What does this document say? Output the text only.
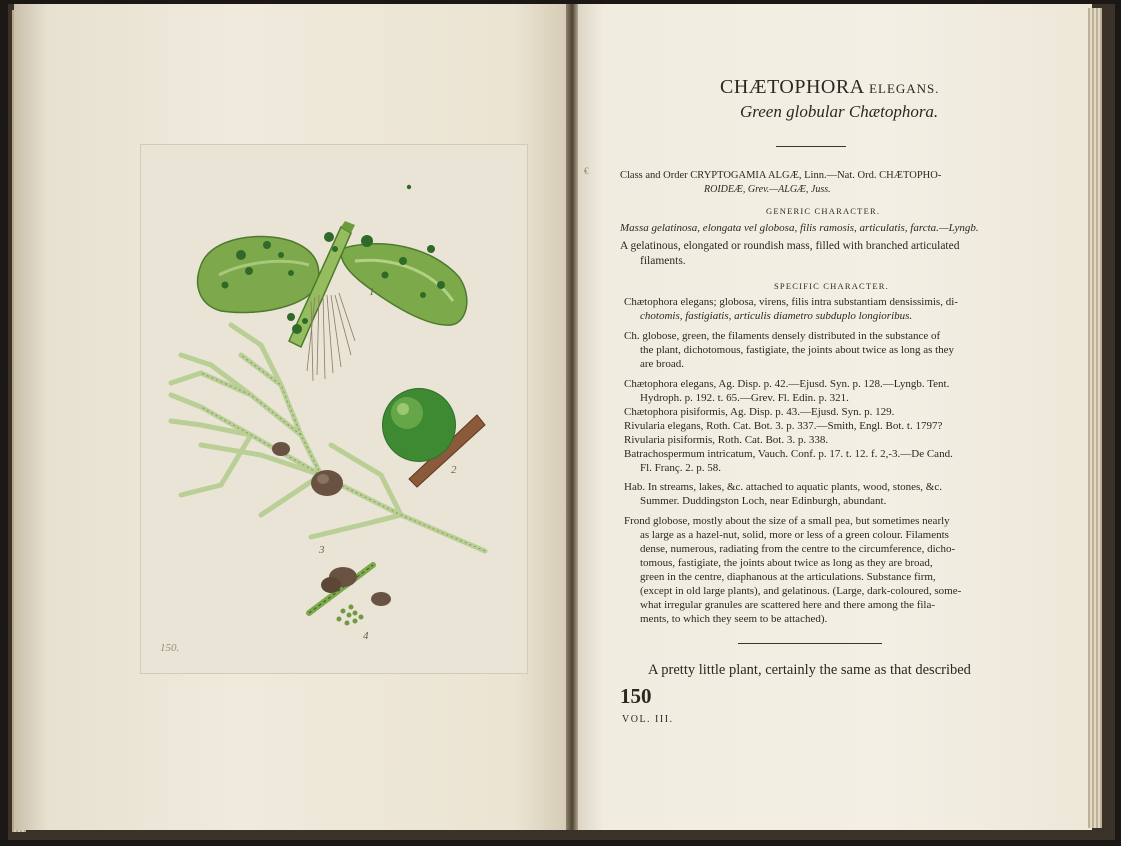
1
2
3
4
150.
€
CHÆTOPHORA ELEGANS.
Green globular Chætophora.
Class and Order CRYPTOGAMIA ALGÆ, Linn.—Nat. Ord. CHÆTOPHO-
ROIDEÆ, Grev.—ALGÆ, Juss.
GENERIC CHARACTER.
Massa gelatinosa, elongata vel globosa, filis ramosis, articulatis, farcta.—Lyngb.
A gelatinous, elongated or roundish mass, filled with branched articulated
filaments.
SPECIFIC CHARACTER.
Chætophora elegans; globosa, virens, filis intra substantiam densissimis, di-
chotomis, fastigiatis, articulis diametro subduplo longioribus.
Ch. globose, green, the filaments densely distributed in the substance of
the plant, dichotomous, fastigiate, the joints about twice as long as they
are broad.
Chætophora elegans, Ag. Disp. p. 42.—Ejusd. Syn. p. 128.—Lyngb. Tent.
Hydroph. p. 192. t. 65.—Grev. Fl. Edin. p. 321.
Chætophora pisiformis, Ag. Disp. p. 43.—Ejusd. Syn. p. 129.
Rivularia elegans, Roth. Cat. Bot. 3. p. 337.—Smith, Engl. Bot. t. 1797?
Rivularia pisiformis, Roth. Cat. Bot. 3. p. 338.
Batrachospermum intricatum, Vauch. Conf. p. 17. t. 12. f. 2,-3.—De Cand.
Fl. Franç. 2. p. 58.
Hab. In streams, lakes, &c. attached to aquatic plants, wood, stones, &c.
Summer. Duddingston Loch, near Edinburgh, abundant.
Frond globose, mostly about the size of a small pea, but sometimes nearly
as large as a hazel-nut, solid, more or less of a green colour. Filaments
dense, numerous, radiating from the centre to the circumference, dicho-
tomous, fastigiate, the joints about twice as long as they are broad,
green in the centre, diaphanous at the articulations. Substance firm,
(except in old large plants), and gelatinous. (Large, dark-coloured, some-
what irregular granules are scattered here and there among the fila-
ments, to which they seem to be attached).
A pretty little plant, certainly the same as that described
150
VOL. III.
